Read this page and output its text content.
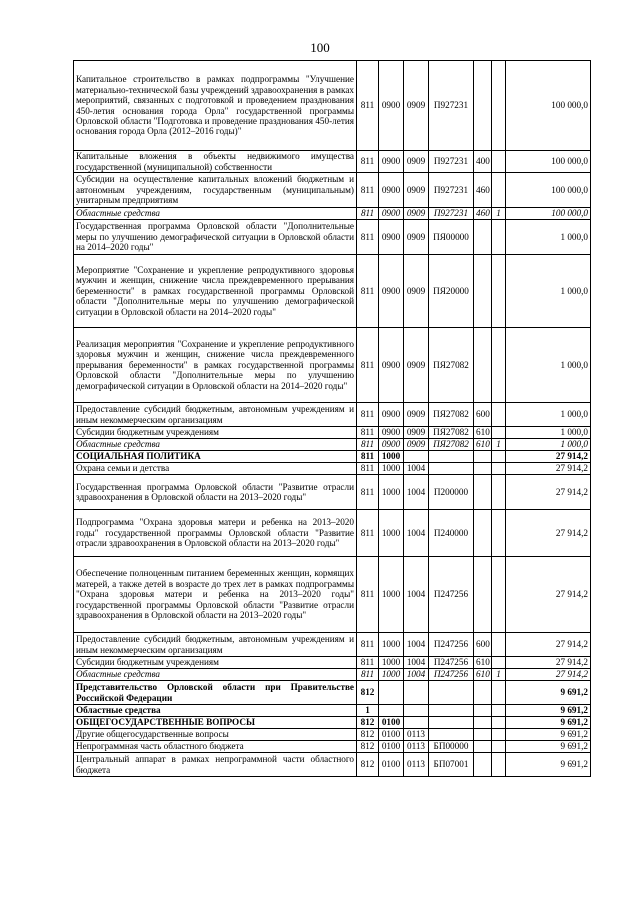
100
Капитальное строительство в рамках подпрограммы "Улучшение материально-технической базы учреждений здравоохранения в рамках мероприятий, связанных с подготовкой и проведением празднования 450-летия основания города Орла" государственной программы Орловской области "Подготовка и проведение празднования 450-летия основания города Орла (2012–2016 годы)"	811	0900	0909	П927231			100 000,0
Капитальные вложения в объекты недвижимого имущества государственной (муниципальной) собственности	811	0900	0909	П927231	400		100 000,0
Субсидии на осуществление капитальных вложений бюджетным и автономным учреждениям, государственным (муниципальным) унитарным предприятиям	811	0900	0909	П927231	460		100 000,0
Областные средства	811	0900	0909	П927231	460	1	100 000,0
Государственная программа Орловской области "Дополнительные меры по улучшению демографической ситуации в Орловской области на 2014–2020 годы"	811	0900	0909	ПЯ00000			1 000,0
Мероприятие "Сохранение и укрепление репродуктивного здоровья мужчин и женщин, снижение числа преждевременного прерывания беременности" в рамках государственной программы Орловской области "Дополнительные меры по улучшению демографической ситуации в Орловской области на 2014–2020 годы"	811	0900	0909	ПЯ20000			1 000,0
Реализация мероприятия "Сохранение и укрепление репродуктивного здоровья мужчин и женщин, снижение числа преждевременного прерывания беременности" в рамках государственной программы Орловской области "Дополнительные меры по улучшению демографической ситуации в Орловской области на 2014–2020 годы"	811	0900	0909	ПЯ27082			1 000,0
Предоставление субсидий бюджетным, автономным учреждениям и иным некоммерческим организациям	811	0900	0909	ПЯ27082	600		1 000,0
Субсидии бюджетным учреждениям	811	0900	0909	ПЯ27082	610		1 000,0
Областные средства	811	0900	0909	ПЯ27082	610	1	1 000,0
СОЦИАЛЬНАЯ ПОЛИТИКА	811	1000					27 914,2
Охрана семьи и детства	811	1000	1004				27 914,2
Государственная программа Орловской области "Развитие отрасли здравоохранения в Орловской области на 2013–2020 годы"	811	1000	1004	П200000			27 914,2
Подпрограмма "Охрана здоровья матери и ребенка на 2013–2020 годы" государственной программы Орловской области "Развитие отрасли здравоохранения в Орловской области на 2013–2020 годы"	811	1000	1004	П240000			27 914,2
Обеспечение полноценным питанием беременных женщин, кормящих матерей, а также детей в возрасте до трех лет в рамках подпрограммы "Охрана здоровья матери и ребенка на 2013–2020 годы" государственной программы Орловской области "Развитие отрасли здравоохранения в Орловской области на 2013–2020 годы"	811	1000	1004	П247256			27 914,2
Предоставление субсидий бюджетным, автономным учреждениям и иным некоммерческим организациям	811	1000	1004	П247256	600		27 914,2
Субсидии бюджетным учреждениям	811	1000	1004	П247256	610		27 914,2
Областные средства	811	1000	1004	П247256	610	1	27 914,2
Представительство Орловской области при Правительстве Российской Федерации	812						9 691,2
Областные средства	1						9 691,2
ОБЩЕГОСУДАРСТВЕННЫЕ ВОПРОСЫ	812	0100					9 691,2
Другие общегосударственные вопросы	812	0100	0113				9 691,2
Непрограммная часть областного бюджета	812	0100	0113	БП00000			9 691,2
Центральный аппарат в рамках непрограммной части областного бюджета	812	0100	0113	БП07001			9 691,2
